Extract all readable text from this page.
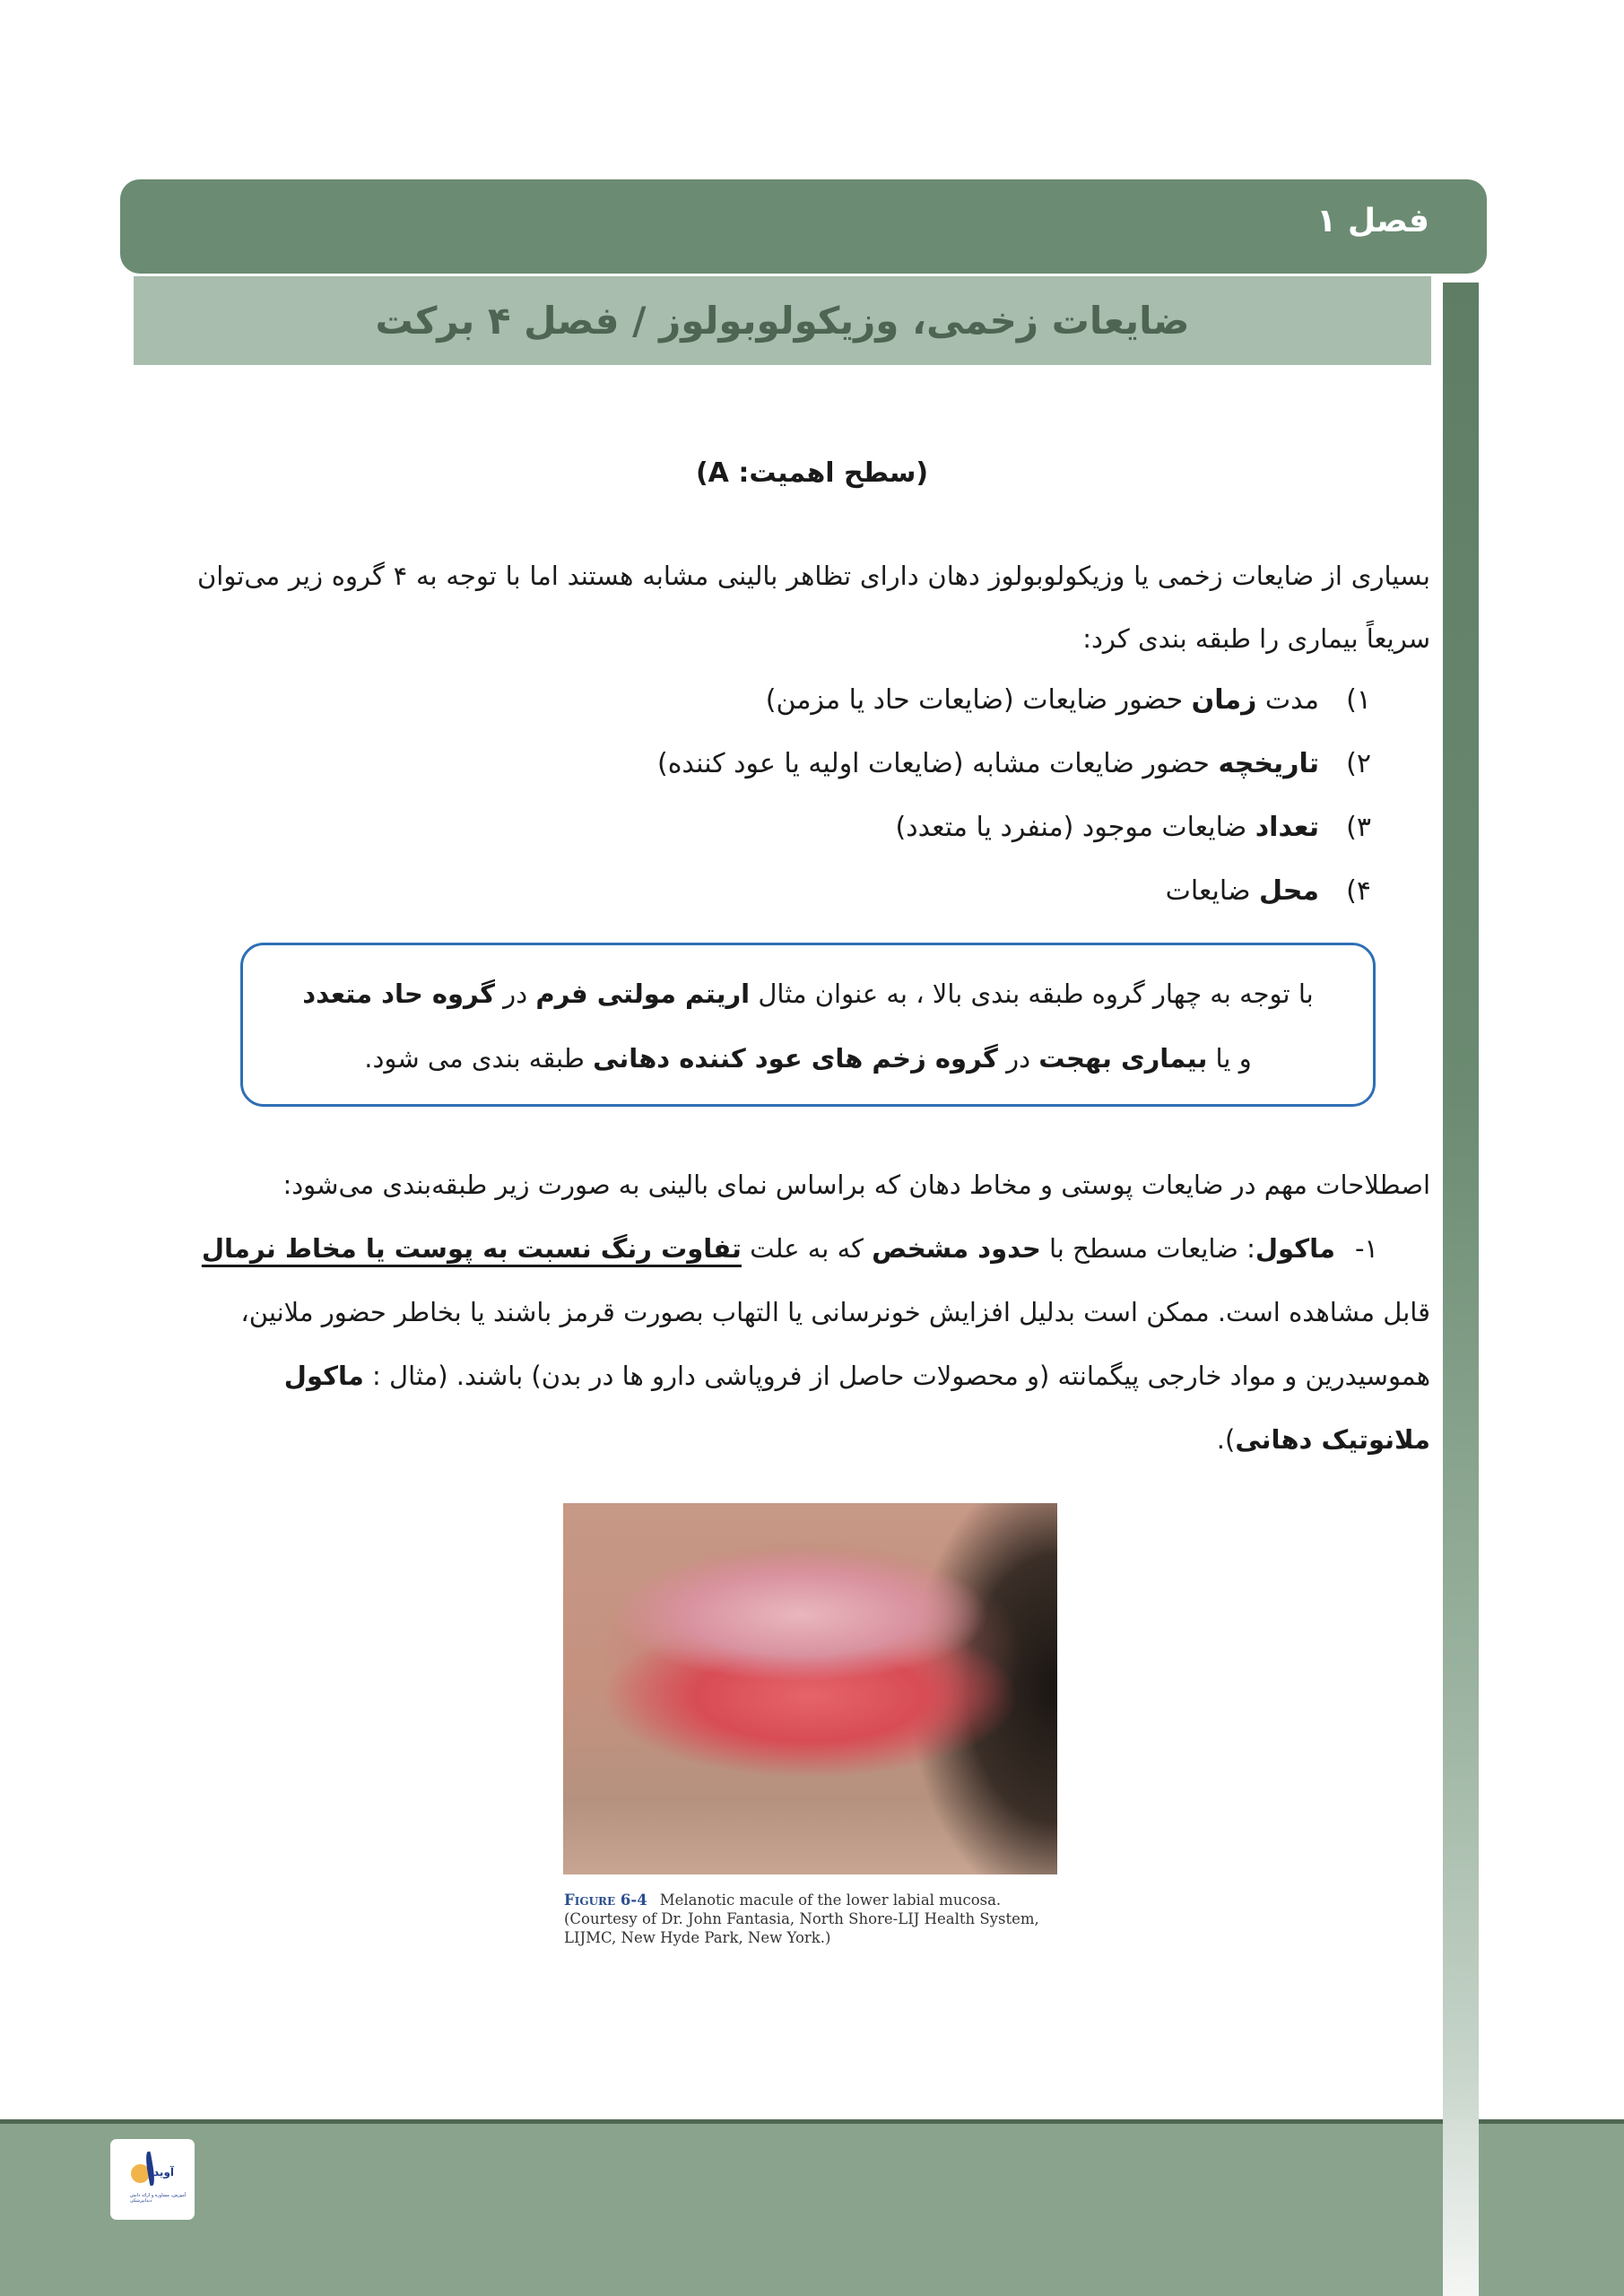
فصل ۱
ضایعات زخمی، وزیکولوبولوز / فصل ۴ برکت
(سطح اهمیت: A)

بسیاری از ضایعات زخمی یا وزیکولوبولوز دهان دارای تظاهر بالینی مشابه هستند اما با توجه به ۴ گروه زیر می‌توان سریعاً بیماری را طبقه بندی کرد:

۱)مدت زمان حضور ضایعات (ضایعات حاد یا مزمن)
۲)تاریخچه حضور ضایعات مشابه (ضایعات اولیه یا عود کننده)
۳)تعداد ضایعات موجود (منفرد یا متعدد)
۴)محل ضایعات
با توجه به چهار گروه طبقه بندی بالا ، به عنوان مثال اریتم مولتی فرم در گروه حاد متعدد
و یا بیماری بهجت در گروه زخم های عود کننده دهانی طبقه بندی می شود.

اصطلاحات مهم در ضایعات پوستی و مخاط دهان که براساس نمای بالینی به صورت زیر طبقه‌بندی می‌شود:

۱-ماکول: ضایعات مسطح با حدود مشخص که به علت تفاوت رنگ نسبت به پوست یا مخاط نرمال قابل مشاهده است. ممکن است بدلیل افزایش خونرسانی یا التهاب بصورت قرمز باشند یا بخاطر حضور ملانین، هموسیدرین و مواد خارجی پیگمانته (و محصولات حاصل از فروپاشی دارو ها در بدن) باشند. (مثال : ماکول ملانوتیک دهانی).

Figure 6-4 Melanotic macule of the lower labial mucosa. (Courtesy of Dr. John Fantasia, North Shore-LIJ Health System, LIJMC, New Hyde Park, New York.)
آوید
آموزش، مشاوره و ارائه دانش دندانپزشکی
